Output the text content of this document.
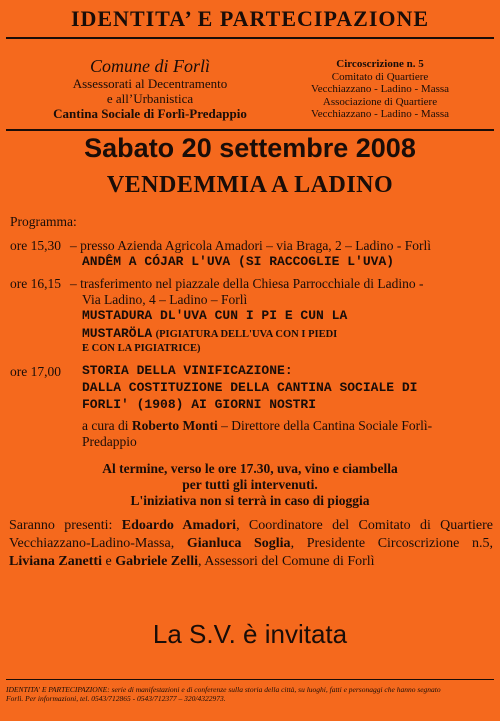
IDENTITA’ E PARTECIPAZIONE
Comune di Forlì
Assessorati al Decentramento
e all’Urbanistica
Cantina Sociale di Forlì-Predappio
Circoscrizione n. 5
Comitato di Quartiere
Vecchiazzano - Ladino - Massa
Associazione di Quartiere
Vecchiazzano - Ladino - Massa
Sabato 20 settembre 2008
VENDEMMIA A LADINO
Programma:
ore 15,30 – presso Azienda Agricola Amadori – via Braga, 2 – Ladino - Forlì
ANDÊM A CÓJAR L'UVA (SI RACCOGLIE L'UVA)
ore 16,15 – trasferimento nel piazzale della Chiesa Parrocchiale di Ladino -
Via Ladino, 4 – Ladino – Forlì
MUSTADURA DL'UVA CUN I PI E CUN LA
MUSTARÖLA (PIGIATURA DELL'UVA CON I PIEDI
E CON LA PIGIATRICE)
ore 17,00 STORIA DELLA VINIFICAZIONE:
DALLA COSTITUZIONE DELLA CANTINA SOCIALE DI
FORLI' (1908) AI GIORNI NOSTRI
a cura di Roberto Monti – Direttore della Cantina Sociale Forlì-
Predappio
Al termine, verso le ore 17.30, uva, vino e ciambella
per tutti gli intervenuti.
L'iniziativa non si terrà in caso di pioggia
Saranno presenti: Edoardo Amadori, Coordinatore del Comitato di Quartiere Vecchiazzano-Ladino-Massa, Gianluca Soglia, Presidente Circoscrizione n.5, Liviana Zanetti e Gabriele Zelli, Assessori del Comune di Forlì
La S.V. è invitata
IDENTITA' E PARTECIPAZIONE: serie di manifestazioni e di conferenze sulla storia della città, su luoghi, fatti e personaggi che hanno segnato
Forlì. Per informazioni, tel. 0543/712865 - 0543/712377 – 320/4322973.
